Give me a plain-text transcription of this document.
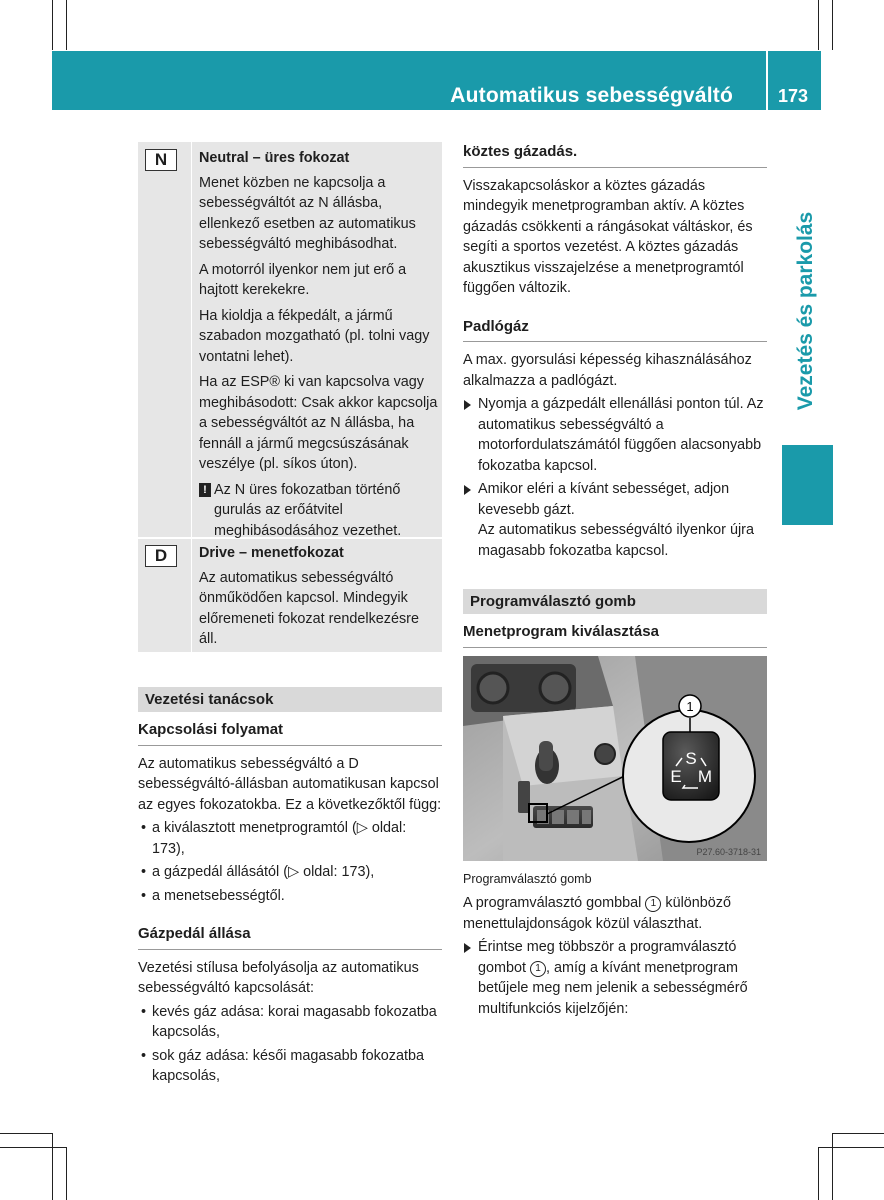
Automatikus sebességváltó 173
Vezetés és parkolás
N	Neutral – üres fokozat

Menet közben ne kapcsolja a sebességváltót az N állásba, ellenkező esetben az automatikus sebességváltó meghibásodhat.

A motorról ilyenkor nem jut erő a hajtott kerekekre.

Ha kioldja a fékpedált, a jármű szabadon mozgatható (pl. tolni vagy vontatni lehet).

Ha az ESP® ki van kapcsolva vagy meghibásodott: Csak akkor kapcsolja a sebességváltót az N állásba, ha fennáll a jármű megcsúszásának veszélye (pl. síkos úton).

! Az N üres fokozatban történő gurulás az erőátvitel meghibásodásához vezethet.

D	Drive – menetfokozat

Az automatikus sebességváltó önműködően kapcsol. Mindegyik előremeneti fokozat rendelkezésre áll.

Vezetési tanácsok
Kapcsolási folyamat

Az automatikus sebességváltó a D sebességváltó-állásban automatikusan kapcsol az egyes fokozatokba. Ez a következőktől függ:

• a kiválasztott menetprogramtól (▷ oldal: 173),

• a gázpedál állásától (▷ oldal: 173),

• a menetsebességtől.

Gázpedál állása

Vezetési stílusa befolyásolja az automatikus sebességváltó kapcsolását:

• kevés gáz adása: korai magasabb fokozatba kapcsolás,

• sok gáz adása: késői magasabb fokozatba kapcsolás,

köztes gázadás.

Visszakapcsoláskor a köztes gázadás mindegyik menetprogramban aktív. A köztes gázadás csökkenti a rángásokat váltáskor, és segíti a sportos vezetést. A köztes gázadás akusztikus visszajelzése a menetprogramtól függően változik.

Padlógáz

A max. gyorsulási képesség kihasználásához alkalmazza a padlógázt.

Nyomja a gázpedált ellenállási ponton túl. Az automatikus sebességváltó a motorfordulatszámától függően alacsonyabb fokozatba kapcsol.

Amikor eléri a kívánt sebességet, adjon kevesebb gázt.
Az automatikus sebességváltó ilyenkor újra magasabb fokozatba kapcsol.

Programválasztó gomb
Menetprogram kiválasztása
S
E M
1
P27.60-3718-31

Programválasztó gomb

A programválasztó gombbal 1 különböző menettulajdonságok közül választhat.

Érintse meg többször a programválasztó gombot 1 , amíg a kívánt menetprogram betűjele meg nem jelenik a sebességmérő multifunkciós kijelzőjén:
